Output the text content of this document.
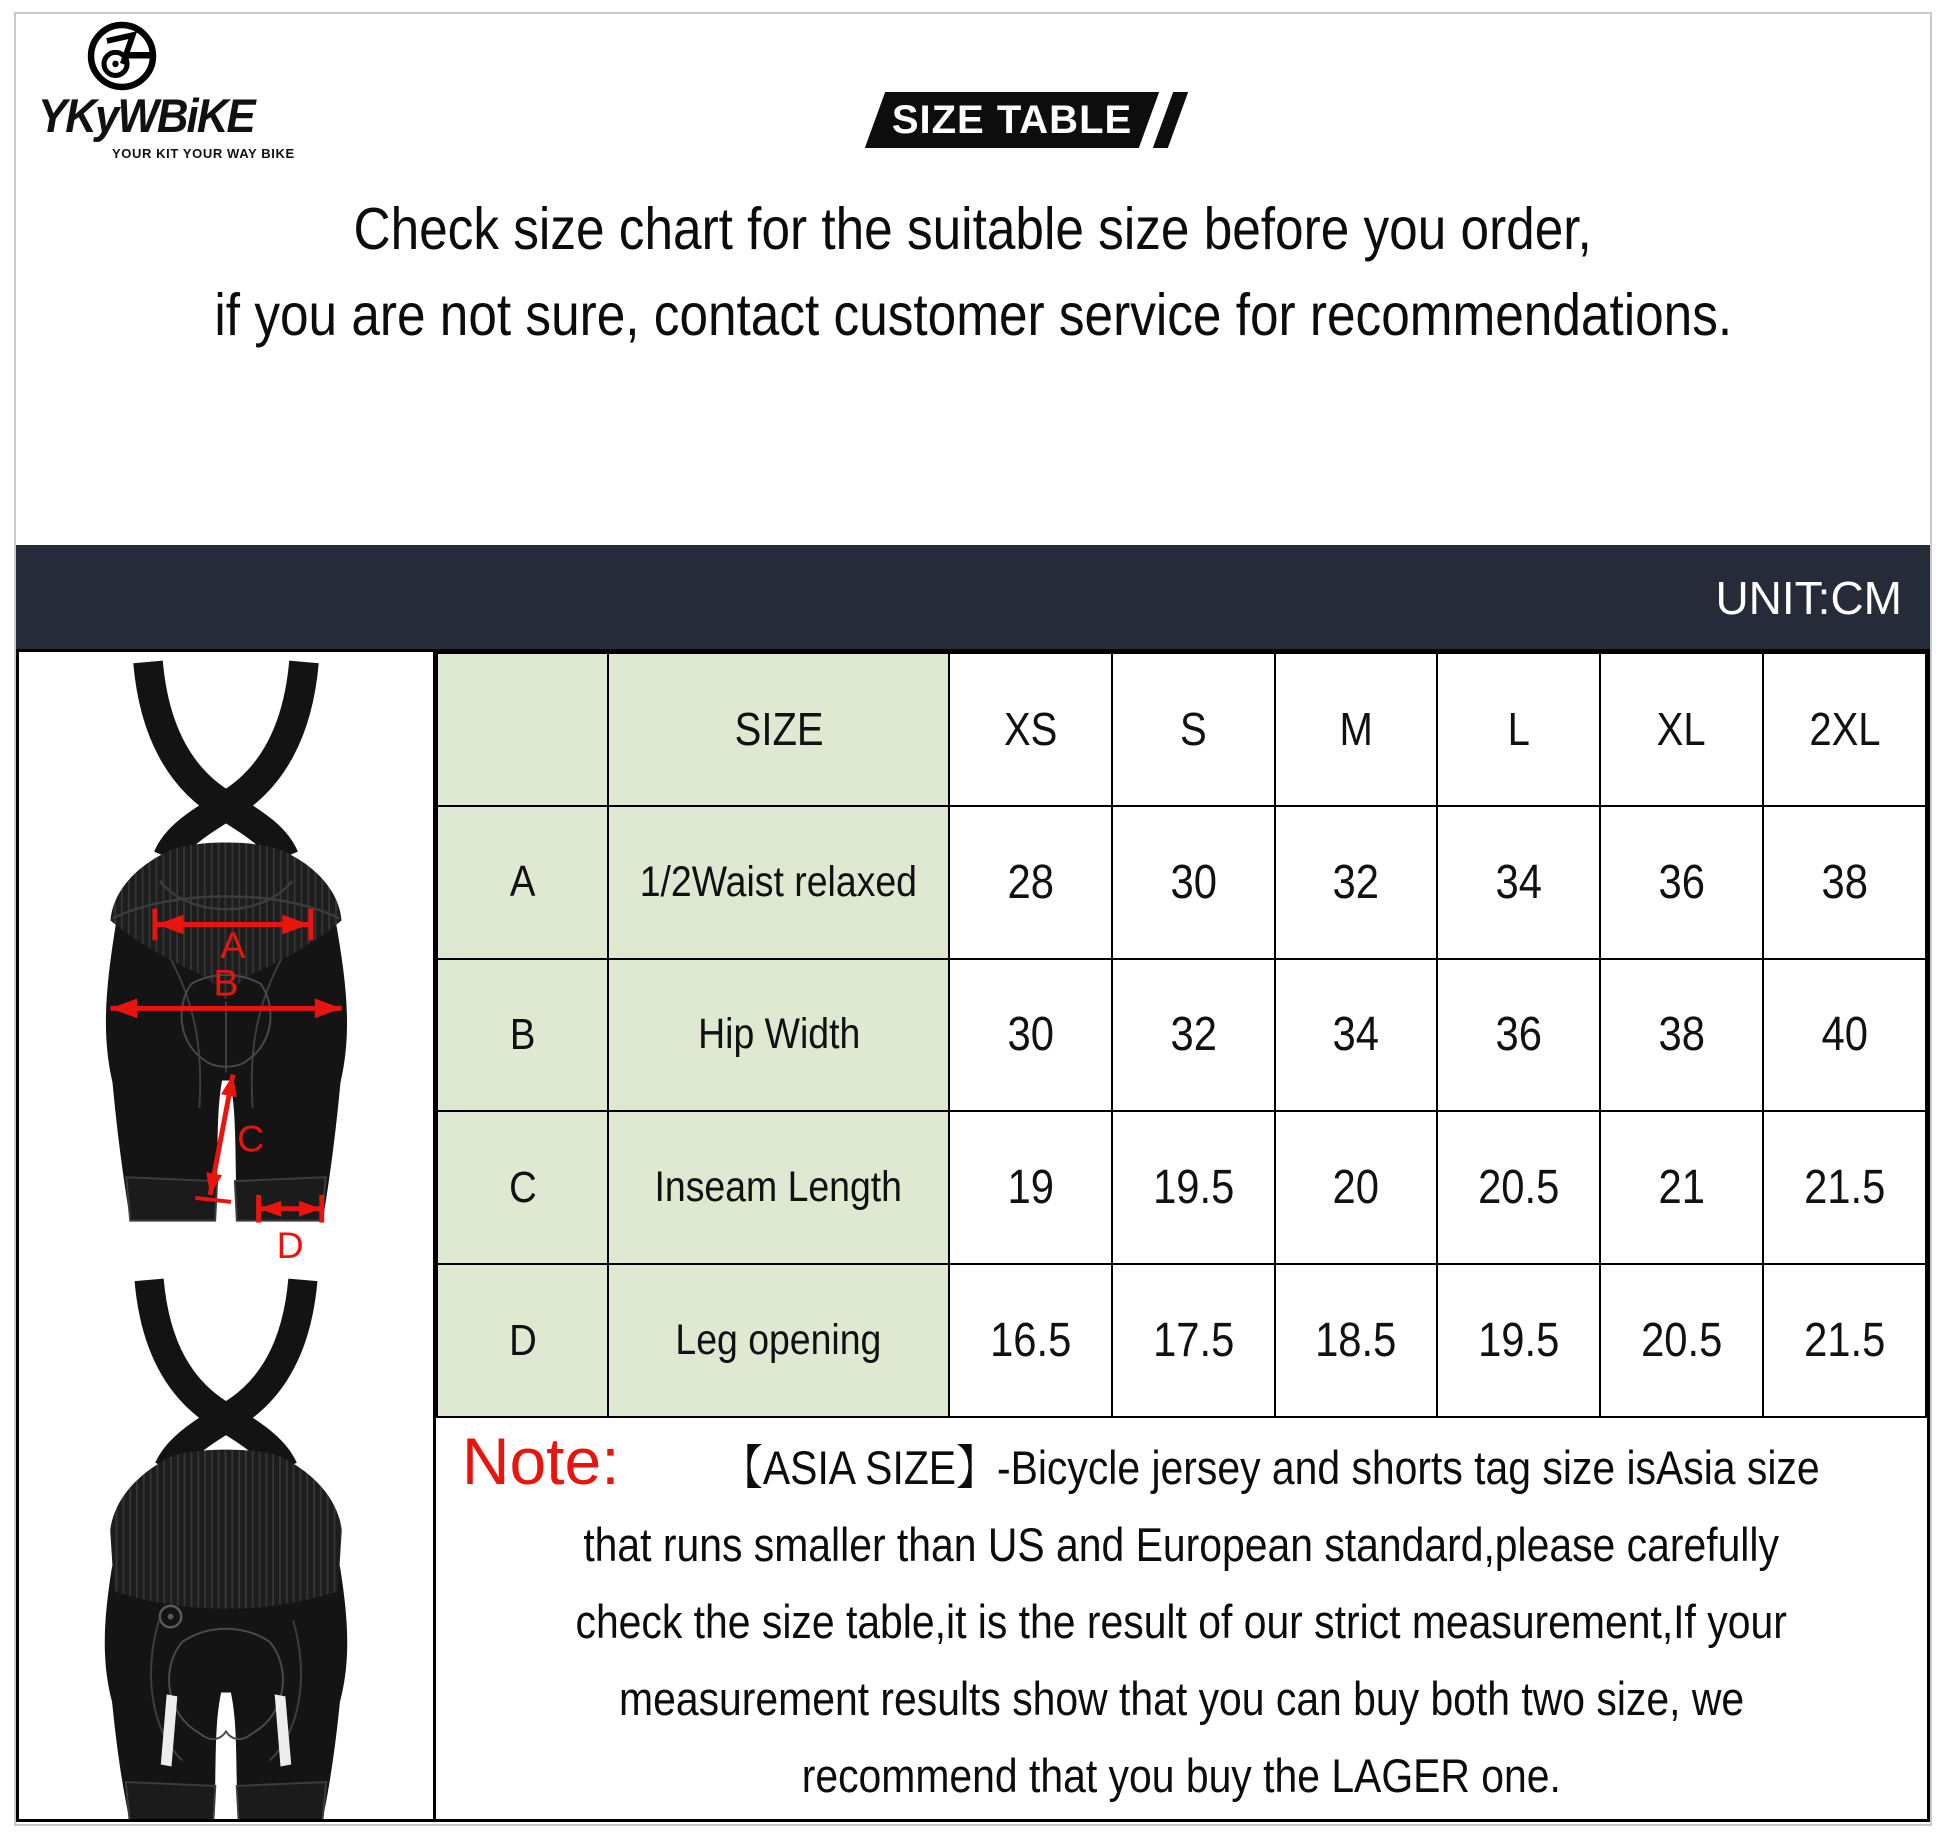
YKyWBiKE
YOUR KIT YOUR WAY BIKE
SIZE TABLE
Check size chart for the suitable size before you order,
if you are not sure, contact customer service for recommendations.
UNIT:CM
A
B
C
D
	SIZE	XS	S	M	L	XL	2XL
A	1/2Waist relaxed	28	30	32	34	36	38
B	Hip Width	30	32	34	36	38	40
C	Inseam Length	19	19.5	20	20.5	21	21.5
D	Leg opening	16.5	17.5	18.5	19.5	20.5	21.5
Note: 【ASIA SIZE】-Bicycle jersey and shorts tag size isAsia size
that runs smaller than US and European standard,please carefully
check the size table,it is the result of our strict measurement,If your
measurement results show that you can buy both two size, we
recommend that you buy the LAGER one.
